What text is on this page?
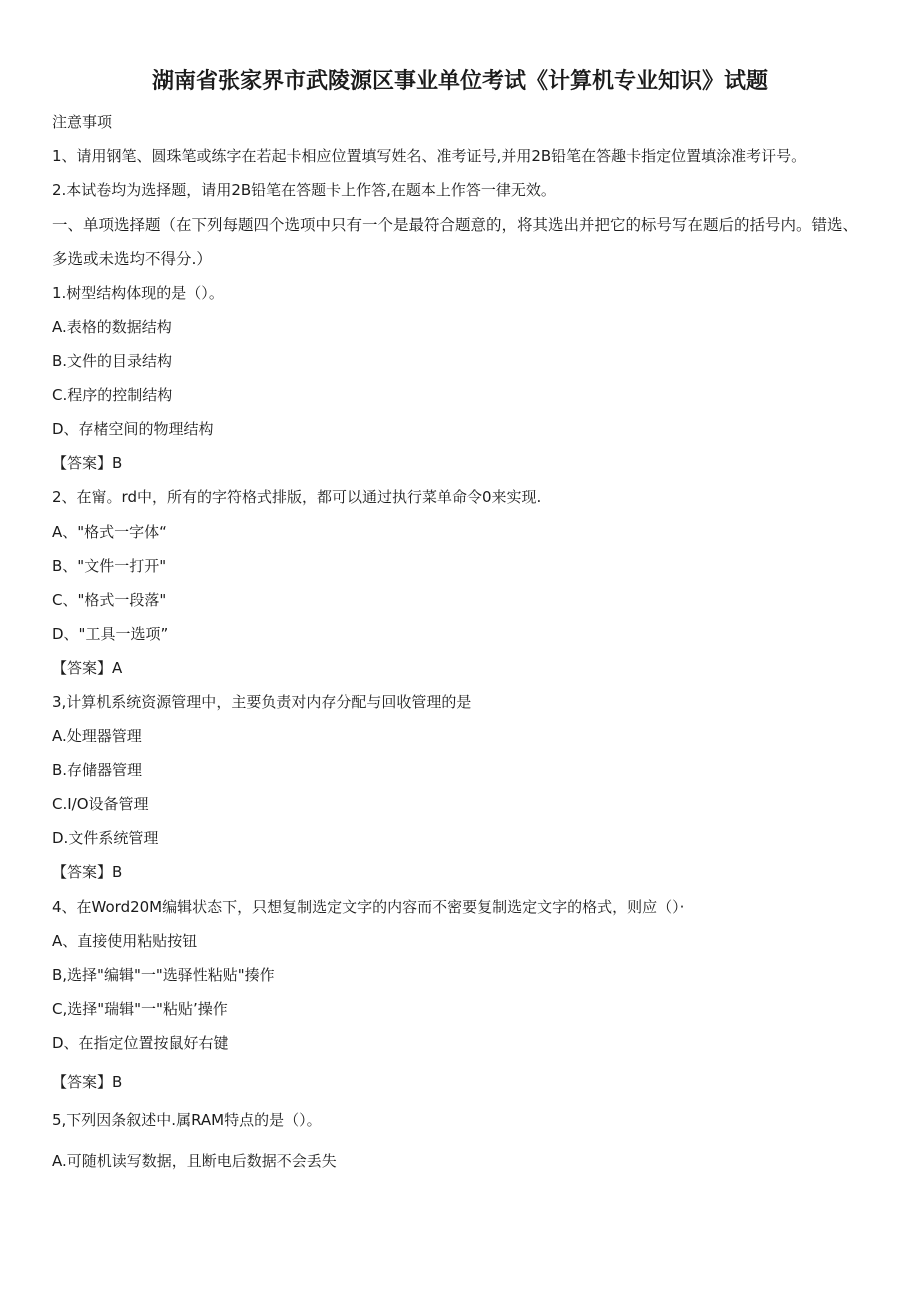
湖南省张家界市武陵源区事业单位考试《计算机专业知识》试题
注意事项
1、请用钢笔、圆珠笔或练字在若起卡相应位置填写姓名、准考证号,并用2B铅笔在答趣卡指定位置填涂准考讦号。
2.本试卷均为选择题，请用2B铅笔在答题卡上作答,在题本上作答一律无效。
一、单项选择题（在下列每题四个选项中只有一个是最符合题意的，将其选出并把它的标号写在题后的括号内。错选、多选或未选均不得分.）
1.树型结构体现的是（）。
A.表格的数据结构
B.文件的目录结构
C.程序的控制结构
D、存楮空间的物理结构
【答案】B
2、在甯。rd中，所有的字符格式排版，都可以通过执行菜单命令0来实现.
A、"格式一字体“
B、"文件一打开"
C、"格式一段落"
D、"工具一选项”
【答案】A
3,计算机系统资源管理中，主要负责对内存分配与回收管理的是
A.处理器管理
B.存储器管理
C.I/O设备管理
D.文件系统管理
【答案】B
4、在Word20M编辑状态下，只想复制选定文字的内容而不密要复制选定文字的格式，则应（）·
A、直接使用粘贴按钮
B,选择"编辑"一"选驿性粘贴"揍作
C,选择"瑞辑"一"粘贴’操作
D、在指定位置按鼠好右键
【答案】B
5,下列因条叙述中.属RAM特点的是（）。
A.可随机读写数据，且断电后数据不会丢失
